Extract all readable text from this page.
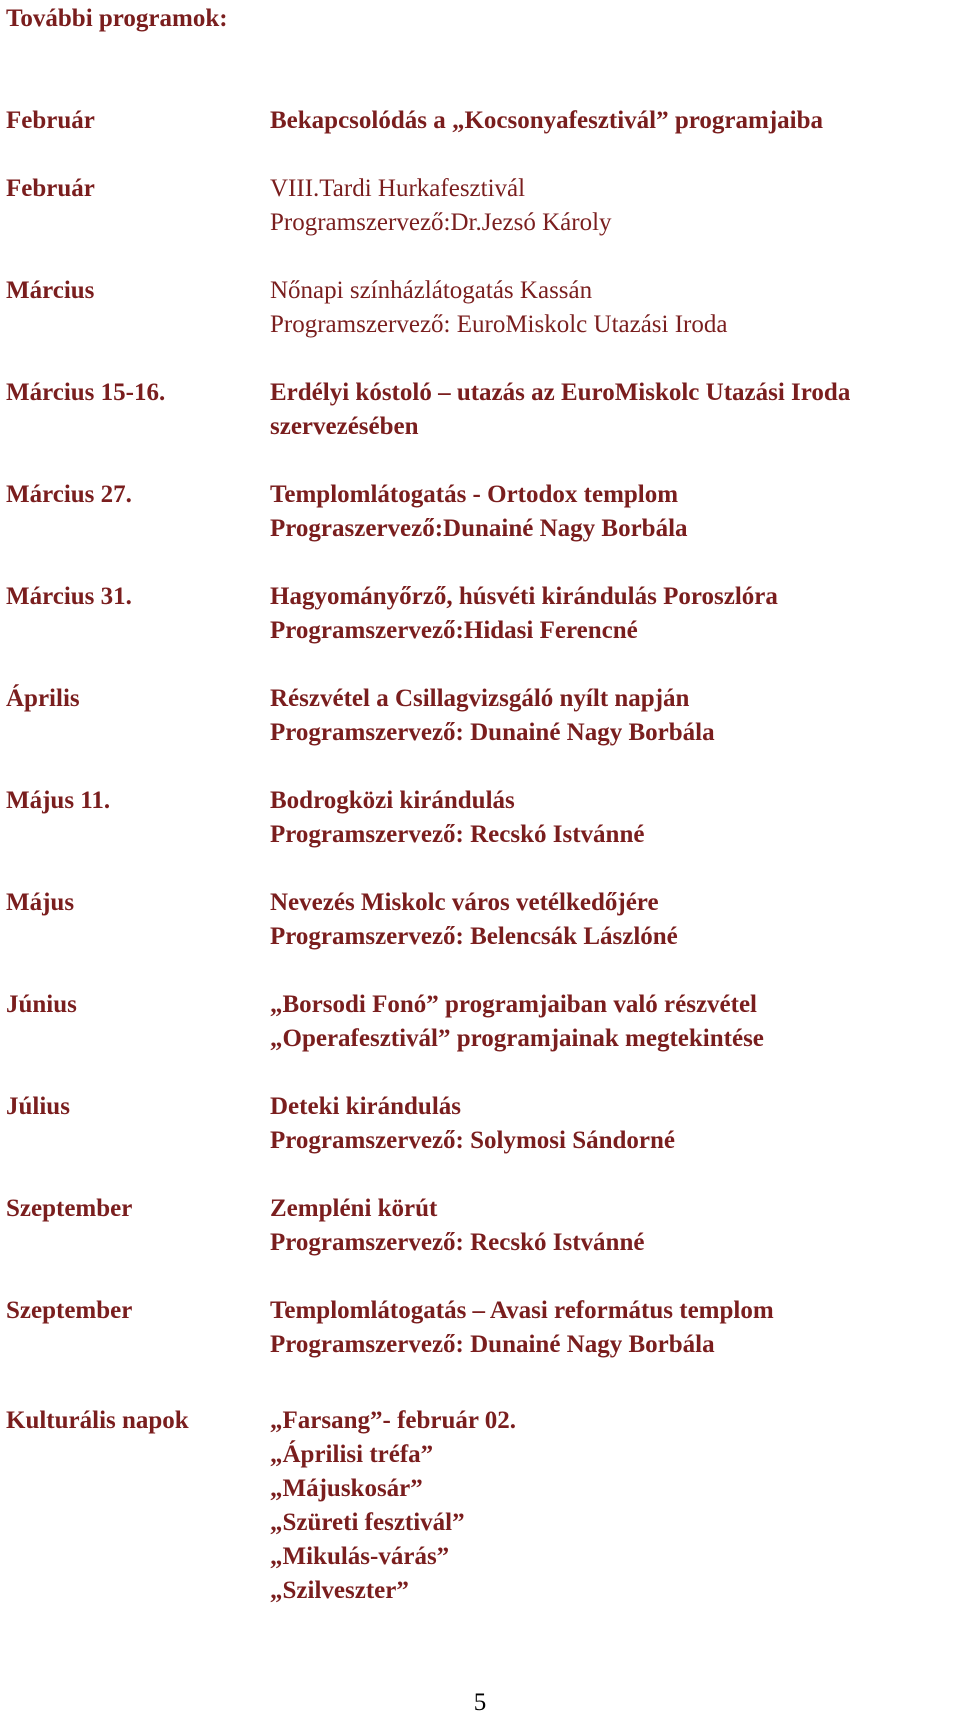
További programok:
Február	Bekapcsolódás a „Kocsonyafesztivál” programjaiba
Február	VIII.Tardi Hurkafesztivál
Programszervező:Dr.Jezsó Károly
Március	Nőnapi színházlátogatás Kassán
Programszervező: EuroMiskolc Utazási Iroda
Március 15-16.	Erdélyi kóstoló – utazás az EuroMiskolc Utazási Iroda
szervezésében
Március 27.	Templomlátogatás - Ortodox templom
Prograszervező:Dunainé Nagy Borbála
Március 31.	Hagyományőrző, húsvéti kirándulás Poroszlóra
Programszervező:Hidasi Ferencné
Április	Részvétel a Csillagvizsgáló nyílt napján
Programszervező: Dunainé Nagy Borbála
Május 11.	Bodrogközi kirándulás
Programszervező: Recskó Istvánné
Május	Nevezés Miskolc város vetélkedőjére
Programszervező: Belencsák Lászlóné
Június	„Borsodi Fonó” programjaiban való részvétel
„Operafesztivál” programjainak megtekintése
Július	Deteki kirándulás
Programszervező: Solymosi Sándorné
Szeptember	Zempléni körút
Programszervező: Recskó Istvánné
Szeptember	Templomlátogatás – Avasi református templom
Programszervező: Dunainé Nagy Borbála
Kulturális napok	„Farsang”- február 02.
„Áprilisi tréfa”
„Májuskosár”
„Szüreti fesztivál”
„Mikulás-várás”
„Szilveszter”
5
